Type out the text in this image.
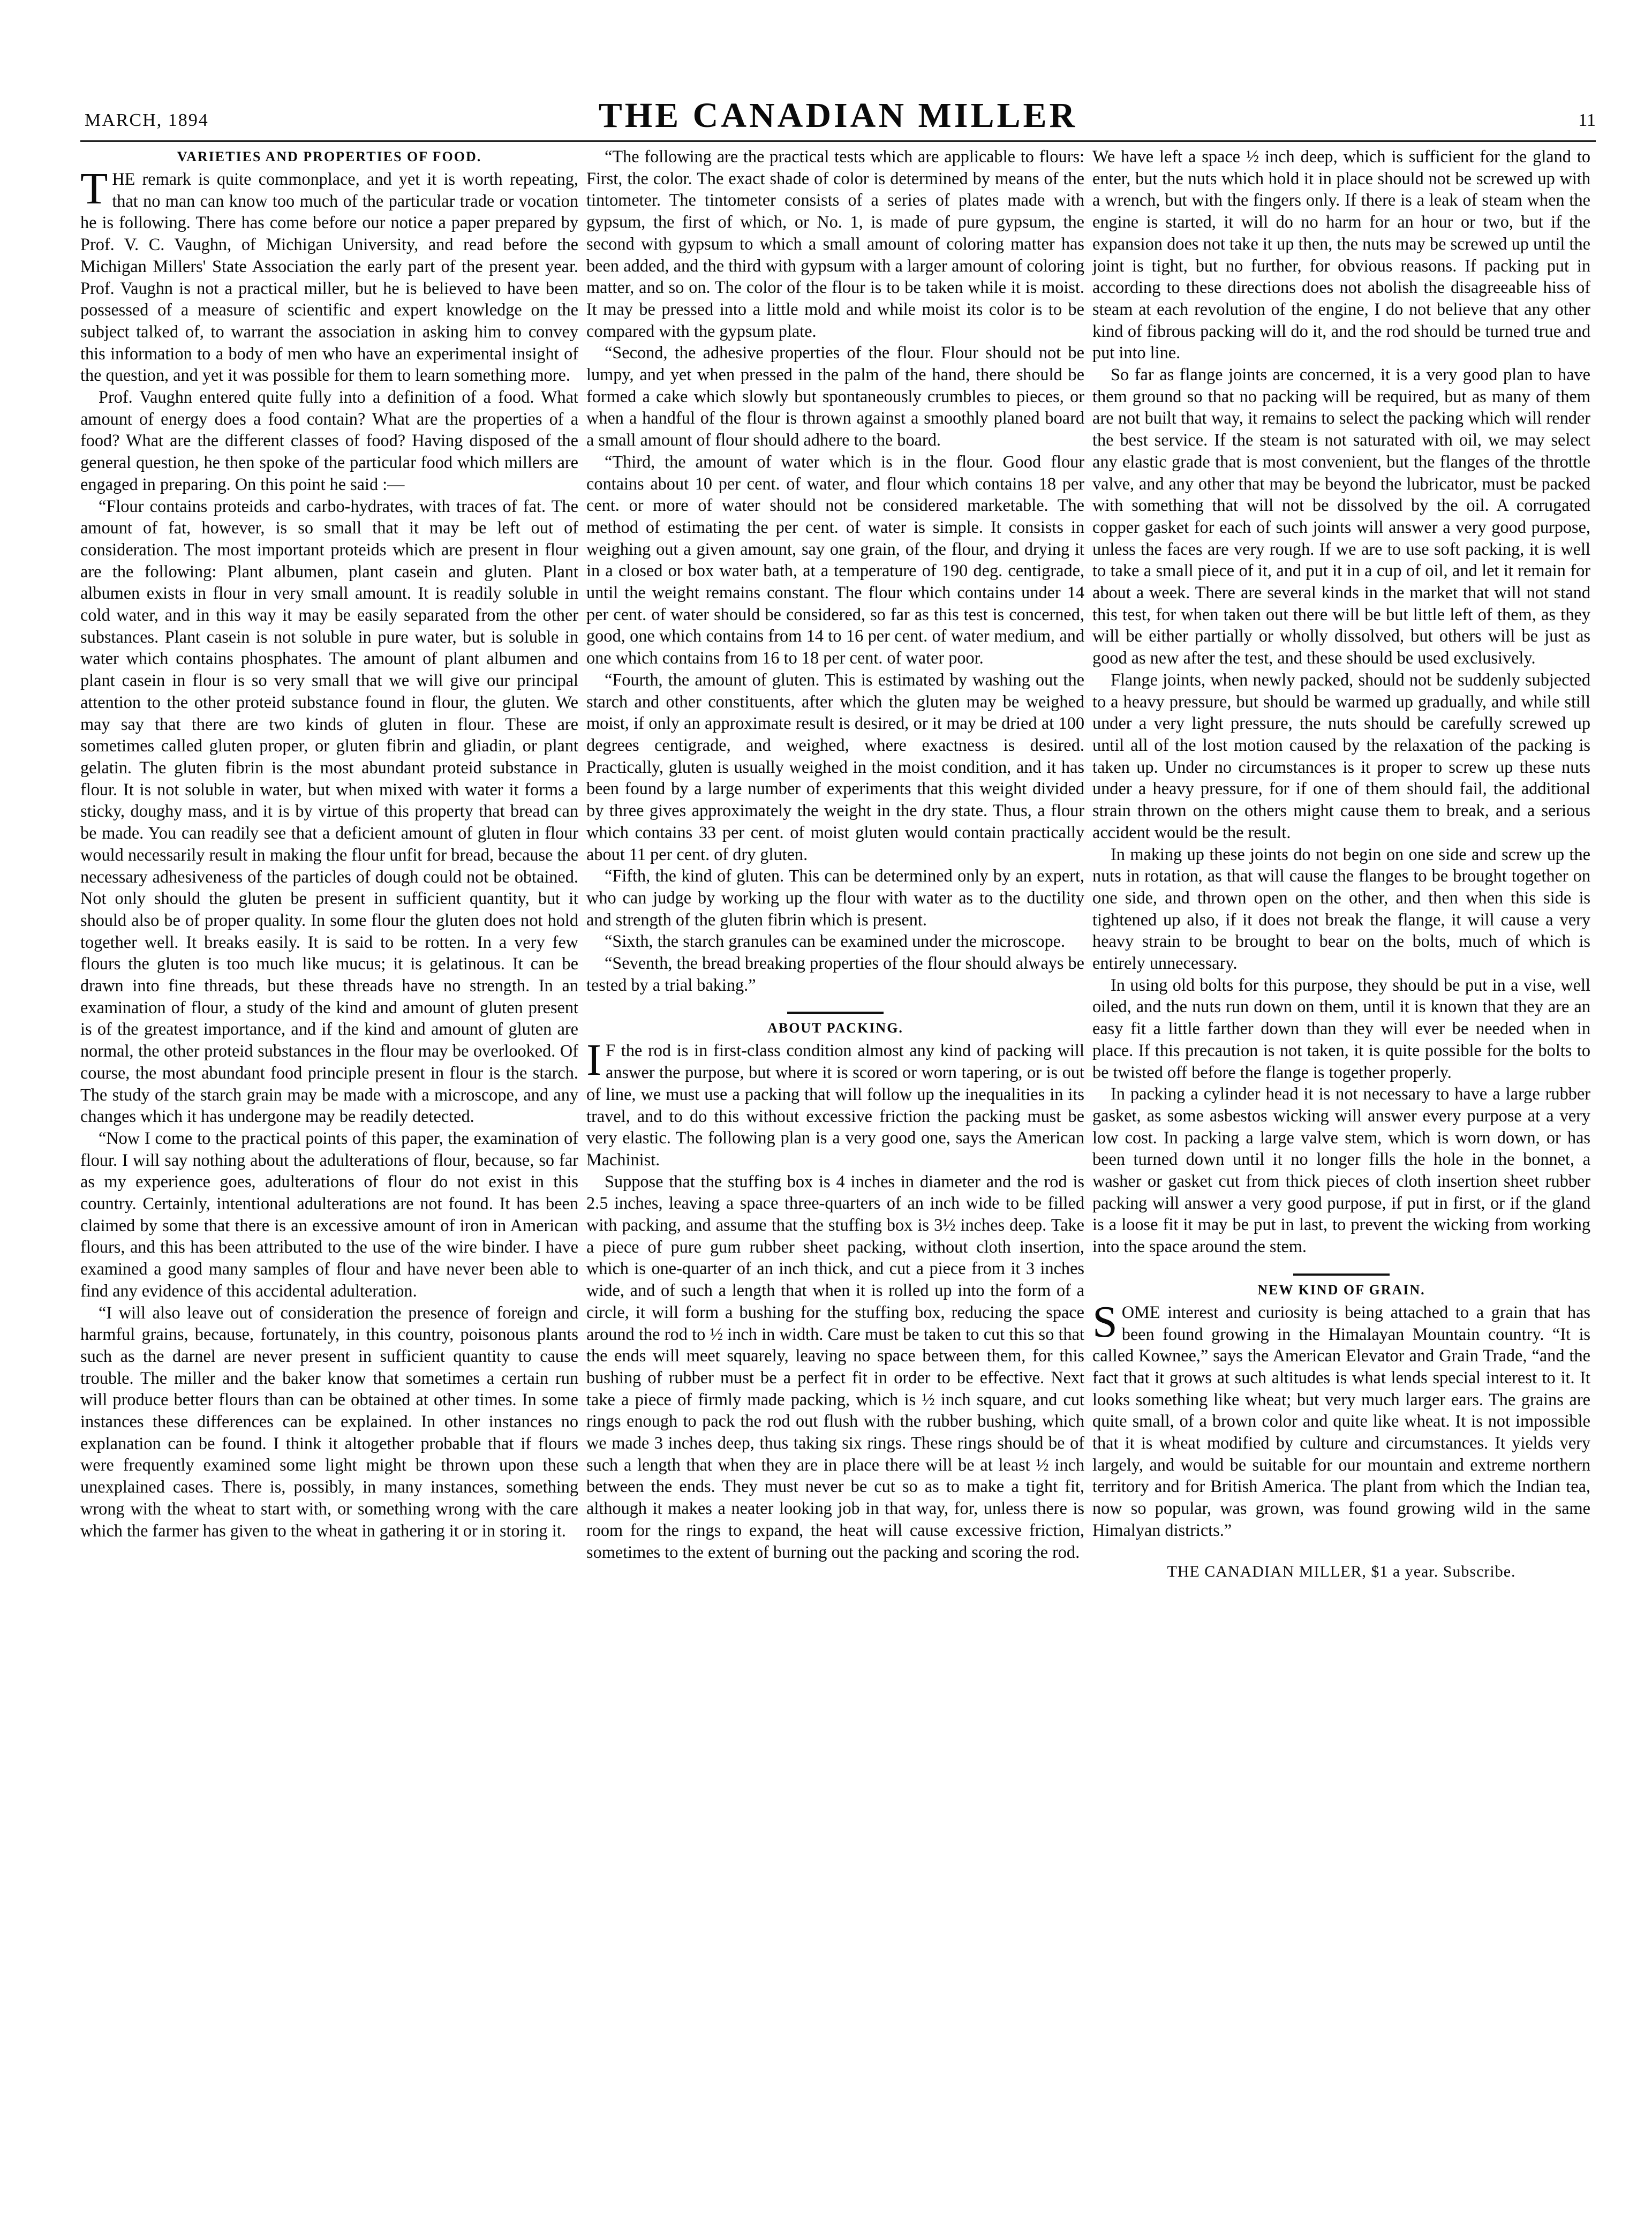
MARCH, 1894	THE CANADIAN MILLER	11
VARIETIES AND PROPERTIES OF FOOD.

THE remark is quite commonplace, and yet it is worth repeating, that no man can know too much of the particular trade or vocation he is following. There has come before our notice a paper prepared by Prof. V. C. Vaughn, of Michigan University, and read before the Michigan Millers' State Association the early part of the present year. Prof. Vaughn is not a practical miller, but he is believed to have been possessed of a measure of scientific and expert knowledge on the subject talked of, to warrant the association in asking him to convey this information to a body of men who have an experimental insight of the question, and yet it was possible for them to learn something more.

Prof. Vaughn entered quite fully into a definition of a food. What amount of energy does a food contain? What are the properties of a food? What are the different classes of food? Having disposed of the general question, he then spoke of the particular food which millers are engaged in preparing. On this point he said :—

“Flour contains proteids and carbo-hydrates, with traces of fat. The amount of fat, however, is so small that it may be left out of consideration. The most important proteids which are present in flour are the following: Plant albumen, plant casein and gluten. Plant albumen exists in flour in very small amount. It is readily soluble in cold water, and in this way it may be easily separated from the other substances. Plant casein is not soluble in pure water, but is soluble in water which contains phosphates. The amount of plant albumen and plant casein in flour is so very small that we will give our principal attention to the other proteid substance found in flour, the gluten. We may say that there are two kinds of gluten in flour. These are sometimes called gluten proper, or gluten fibrin and gliadin, or plant gelatin. The gluten fibrin is the most abundant proteid substance in flour. It is not soluble in water, but when mixed with water it forms a sticky, doughy mass, and it is by virtue of this property that bread can be made. You can readily see that a deficient amount of gluten in flour would necessarily result in making the flour unfit for bread, because the necessary adhesiveness of the particles of dough could not be obtained. Not only should the gluten be present in sufficient quantity, but it should also be of proper quality. In some flour the gluten does not hold together well. It breaks easily. It is said to be rotten. In a very few flours the gluten is too much like mucus; it is gelatinous. It can be drawn into fine threads, but these threads have no strength. In an examination of flour, a study of the kind and amount of gluten present is of the greatest importance, and if the kind and amount of gluten are normal, the other proteid substances in the flour may be overlooked. Of course, the most abundant food principle present in flour is the starch. The study of the starch grain may be made with a microscope, and any changes which it has undergone may be readily detected.

“Now I come to the practical points of this paper, the examination of flour. I will say nothing about the adulterations of flour, because, so far as my experience goes, adulterations of flour do not exist in this country. Certainly, intentional adulterations are not found. It has been claimed by some that there is an excessive amount of iron in American flours, and this has been attributed to the use of the wire binder. I have examined a good many samples of flour and have never been able to find any evidence of this accidental adulteration.

“I will also leave out of consideration the presence of foreign and harmful grains, because, fortunately, in this country, poisonous plants such as the darnel are never present in sufficient quantity to cause trouble. The miller and the baker know that sometimes a certain run will produce better flours than can be obtained at other times. In some instances these differences can be explained. In other instances no explanation can be found. I think it altogether probable that if flours were frequently examined some light might be thrown upon these unexplained cases. There is, possibly, in many instances, something wrong with the wheat to start with, or something wrong with the care which the farmer has given to the wheat in gathering it or in storing it.

“The following are the practical tests which are applicable to flours: First, the color. The exact shade of color is determined by means of the tintometer. The tintometer consists of a series of plates made with gypsum, the first of which, or No. 1, is made of pure gypsum, the second with gypsum to which a small amount of coloring matter has been added, and the third with gypsum with a larger amount of coloring matter, and so on. The color of the flour is to be taken while it is moist. It may be pressed into a little mold and while moist its color is to be compared with the gypsum plate.

“Second, the adhesive properties of the flour. Flour should not be lumpy, and yet when pressed in the palm of the hand, there should be formed a cake which slowly but spontaneously crumbles to pieces, or when a handful of the flour is thrown against a smoothly planed board a small amount of flour should adhere to the board.

“Third, the amount of water which is in the flour. Good flour contains about 10 per cent. of water, and flour which contains 18 per cent. or more of water should not be considered marketable. The method of estimating the per cent. of water is simple. It consists in weighing out a given amount, say one grain, of the flour, and drying it in a closed or box water bath, at a temperature of 190 deg. centigrade, until the weight remains constant. The flour which contains under 14 per cent. of water should be considered, so far as this test is concerned, good, one which contains from 14 to 16 per cent. of water medium, and one which contains from 16 to 18 per cent. of water poor.

“Fourth, the amount of gluten. This is estimated by washing out the starch and other constituents, after which the gluten may be weighed moist, if only an approximate result is desired, or it may be dried at 100 degrees centigrade, and weighed, where exactness is desired. Practically, gluten is usually weighed in the moist condition, and it has been found by a large number of experiments that this weight divided by three gives approximately the weight in the dry state. Thus, a flour which contains 33 per cent. of moist gluten would contain practically about 11 per cent. of dry gluten.

“Fifth, the kind of gluten. This can be determined only by an expert, who can judge by working up the flour with water as to the ductility and strength of the gluten fibrin which is present.

“Sixth, the starch granules can be examined under the microscope.

“Seventh, the bread breaking properties of the flour should always be tested by a trial baking.”

ABOUT PACKING.

I F the rod is in first-class condition almost any kind of packing will answer the purpose, but where it is scored or worn tapering, or is out of line, we must use a packing that will follow up the inequalities in its travel, and to do this without excessive friction the packing must be very elastic. The following plan is a very good one, says the American Machinist.

Suppose that the stuffing box is 4 inches in diameter and the rod is 2.5 inches, leaving a space three-quarters of an inch wide to be filled with packing, and assume that the stuffing box is 3½ inches deep. Take a piece of pure gum rubber sheet packing, without cloth insertion, which is one-quarter of an inch thick, and cut a piece from it 3 inches wide, and of such a length that when it is rolled up into the form of a circle, it will form a bushing for the stuffing box, reducing the space around the rod to ½ inch in width. Care must be taken to cut this so that the ends will meet squarely, leaving no space between them, for this bushing of rubber must be a perfect fit in order to be effective. Next take a piece of firmly made packing, which is ½ inch square, and cut rings enough to pack the rod out flush with the rubber bushing, which we made 3 inches deep, thus taking six rings. These rings should be of such a length that when they are in place there will be at least ½ inch between the ends. They must never be cut so as to make a tight fit, although it makes a neater looking job in that way, for, unless there is room for the rings to expand, the heat will cause excessive friction, sometimes to the extent of burning out the packing and scoring the rod.

We have left a space ½ inch deep, which is sufficient for the gland to enter, but the nuts which hold it in place should not be screwed up with a wrench, but with the fingers only. If there is a leak of steam when the engine is started, it will do no harm for an hour or two, but if the expansion does not take it up then, the nuts may be screwed up until the joint is tight, but no further, for obvious reasons. If packing put in according to these directions does not abolish the disagreeable hiss of steam at each revolution of the engine, I do not believe that any other kind of fibrous packing will do it, and the rod should be turned true and put into line.

So far as flange joints are concerned, it is a very good plan to have them ground so that no packing will be required, but as many of them are not built that way, it remains to select the packing which will render the best service. If the steam is not saturated with oil, we may select any elastic grade that is most convenient, but the flanges of the throttle valve, and any other that may be beyond the lubricator, must be packed with something that will not be dissolved by the oil. A corrugated copper gasket for each of such joints will answer a very good purpose, unless the faces are very rough. If we are to use soft packing, it is well to take a small piece of it, and put it in a cup of oil, and let it remain for about a week. There are several kinds in the market that will not stand this test, for when taken out there will be but little left of them, as they will be either partially or wholly dissolved, but others will be just as good as new after the test, and these should be used exclusively.

Flange joints, when newly packed, should not be suddenly subjected to a heavy pressure, but should be warmed up gradually, and while still under a very light pressure, the nuts should be carefully screwed up until all of the lost motion caused by the relaxation of the packing is taken up. Under no circumstances is it proper to screw up these nuts under a heavy pressure, for if one of them should fail, the additional strain thrown on the others might cause them to break, and a serious accident would be the result.

In making up these joints do not begin on one side and screw up the nuts in rotation, as that will cause the flanges to be brought together on one side, and thrown open on the other, and then when this side is tightened up also, if it does not break the flange, it will cause a very heavy strain to be brought to bear on the bolts, much of which is entirely unnecessary.

In using old bolts for this purpose, they should be put in a vise, well oiled, and the nuts run down on them, until it is known that they are an easy fit a little farther down than they will ever be needed when in place. If this precaution is not taken, it is quite possible for the bolts to be twisted off before the flange is together properly.

In packing a cylinder head it is not necessary to have a large rubber gasket, as some asbestos wicking will answer every purpose at a very low cost. In packing a large valve stem, which is worn down, or has been turned down until it no longer fills the hole in the bonnet, a washer or gasket cut from thick pieces of cloth insertion sheet rubber packing will answer a very good purpose, if put in first, or if the gland is a loose fit it may be put in last, to prevent the wicking from working into the space around the stem.

NEW KIND OF GRAIN.

SOME interest and curiosity is being attached to a grain that has been found growing in the Himalayan Mountain country. “It is called Kownee,” says the American Elevator and Grain Trade, “and the fact that it grows at such altitudes is what lends special interest to it. It looks something like wheat; but very much larger ears. The grains are quite small, of a brown color and quite like wheat. It is not impossible that it is wheat modified by culture and circumstances. It yields very largely, and would be suitable for our mountain and extreme northern territory and for British America. The plant from which the Indian tea, now so popular, was grown, was found growing wild in the same Himalyan districts.”

THE CANADIAN MILLER, $1 a year. Subscribe.
